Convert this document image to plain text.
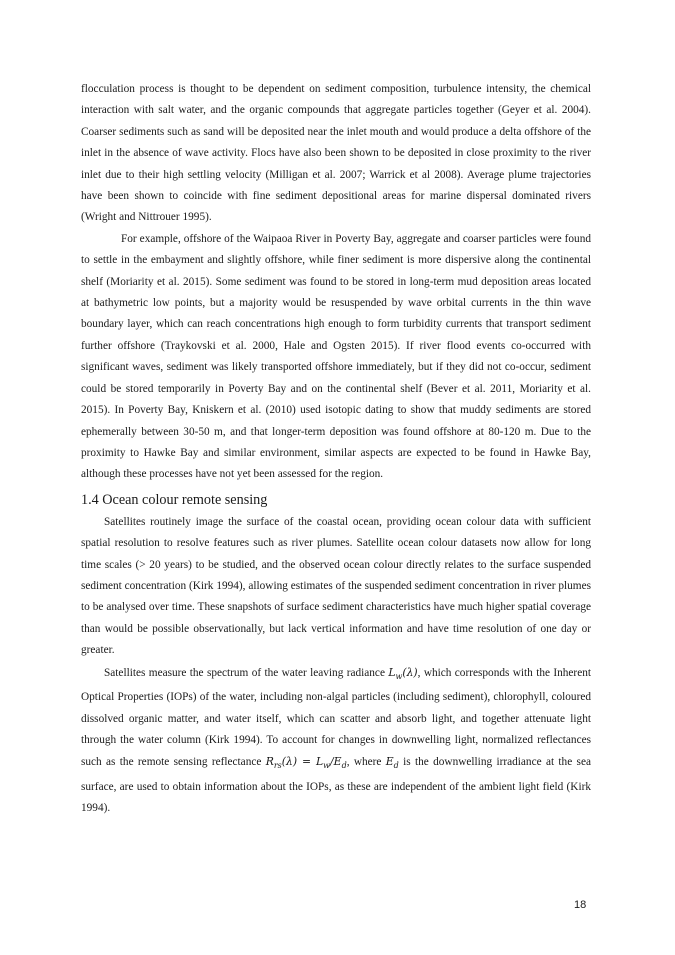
flocculation process is thought to be dependent on sediment composition, turbulence intensity, the chemical interaction with salt water, and the organic compounds that aggregate particles together (Geyer et al. 2004). Coarser sediments such as sand will be deposited near the inlet mouth and would produce a delta offshore of the inlet in the absence of wave activity. Flocs have also been shown to be deposited in close proximity to the river inlet due to their high settling velocity (Milligan et al. 2007; Warrick et al 2008). Average plume trajectories have been shown to coincide with fine sediment depositional areas for marine dispersal dominated rivers (Wright and Nittrouer 1995).

For example, offshore of the Waipaoa River in Poverty Bay, aggregate and coarser particles were found to settle in the embayment and slightly offshore, while finer sediment is more dispersive along the continental shelf (Moriarity et al. 2015). Some sediment was found to be stored in long-term mud deposition areas located at bathymetric low points, but a majority would be resuspended by wave orbital currents in the thin wave boundary layer, which can reach concentrations high enough to form turbidity currents that transport sediment further offshore (Traykovski et al. 2000, Hale and Ogsten 2015). If river flood events co-occurred with significant waves, sediment was likely transported offshore immediately, but if they did not co-occur, sediment could be stored temporarily in Poverty Bay and on the continental shelf (Bever et al. 2011, Moriarity et al. 2015). In Poverty Bay, Kniskern et al. (2010) used isotopic dating to show that muddy sediments are stored ephemerally between 30-50 m, and that longer-term deposition was found offshore at 80-120 m. Due to the proximity to Hawke Bay and similar environment, similar aspects are expected to be found in Hawke Bay, although these processes have not yet been assessed for the region.

1.4 Ocean colour remote sensing

Satellites routinely image the surface of the coastal ocean, providing ocean colour data with sufficient spatial resolution to resolve features such as river plumes. Satellite ocean colour datasets now allow for long time scales (> 20 years) to be studied, and the observed ocean colour directly relates to the surface suspended sediment concentration (Kirk 1994), allowing estimates of the suspended sediment concentration in river plumes to be analysed over time. These snapshots of surface sediment characteristics have much higher spatial coverage than would be possible observationally, but lack vertical information and have time resolution of one day or greater.

Satellites measure the spectrum of the water leaving radiance $L_w(\lambda)$, which corresponds with the Inherent Optical Properties (IOPs) of the water, including non-algal particles (including sediment), chlorophyll, coloured dissolved organic matter, and water itself, which can scatter and absorb light, and together attenuate light through the water column (Kirk 1994). To account for changes in downwelling light, normalized reflectances such as the remote sensing reflectance $R_{rs}(\lambda) = L_w/E_d$, where $E_d$ is the downwelling irradiance at the sea surface, are used to obtain information about the IOPs, as these are independent of the ambient light field (Kirk 1994).

18
